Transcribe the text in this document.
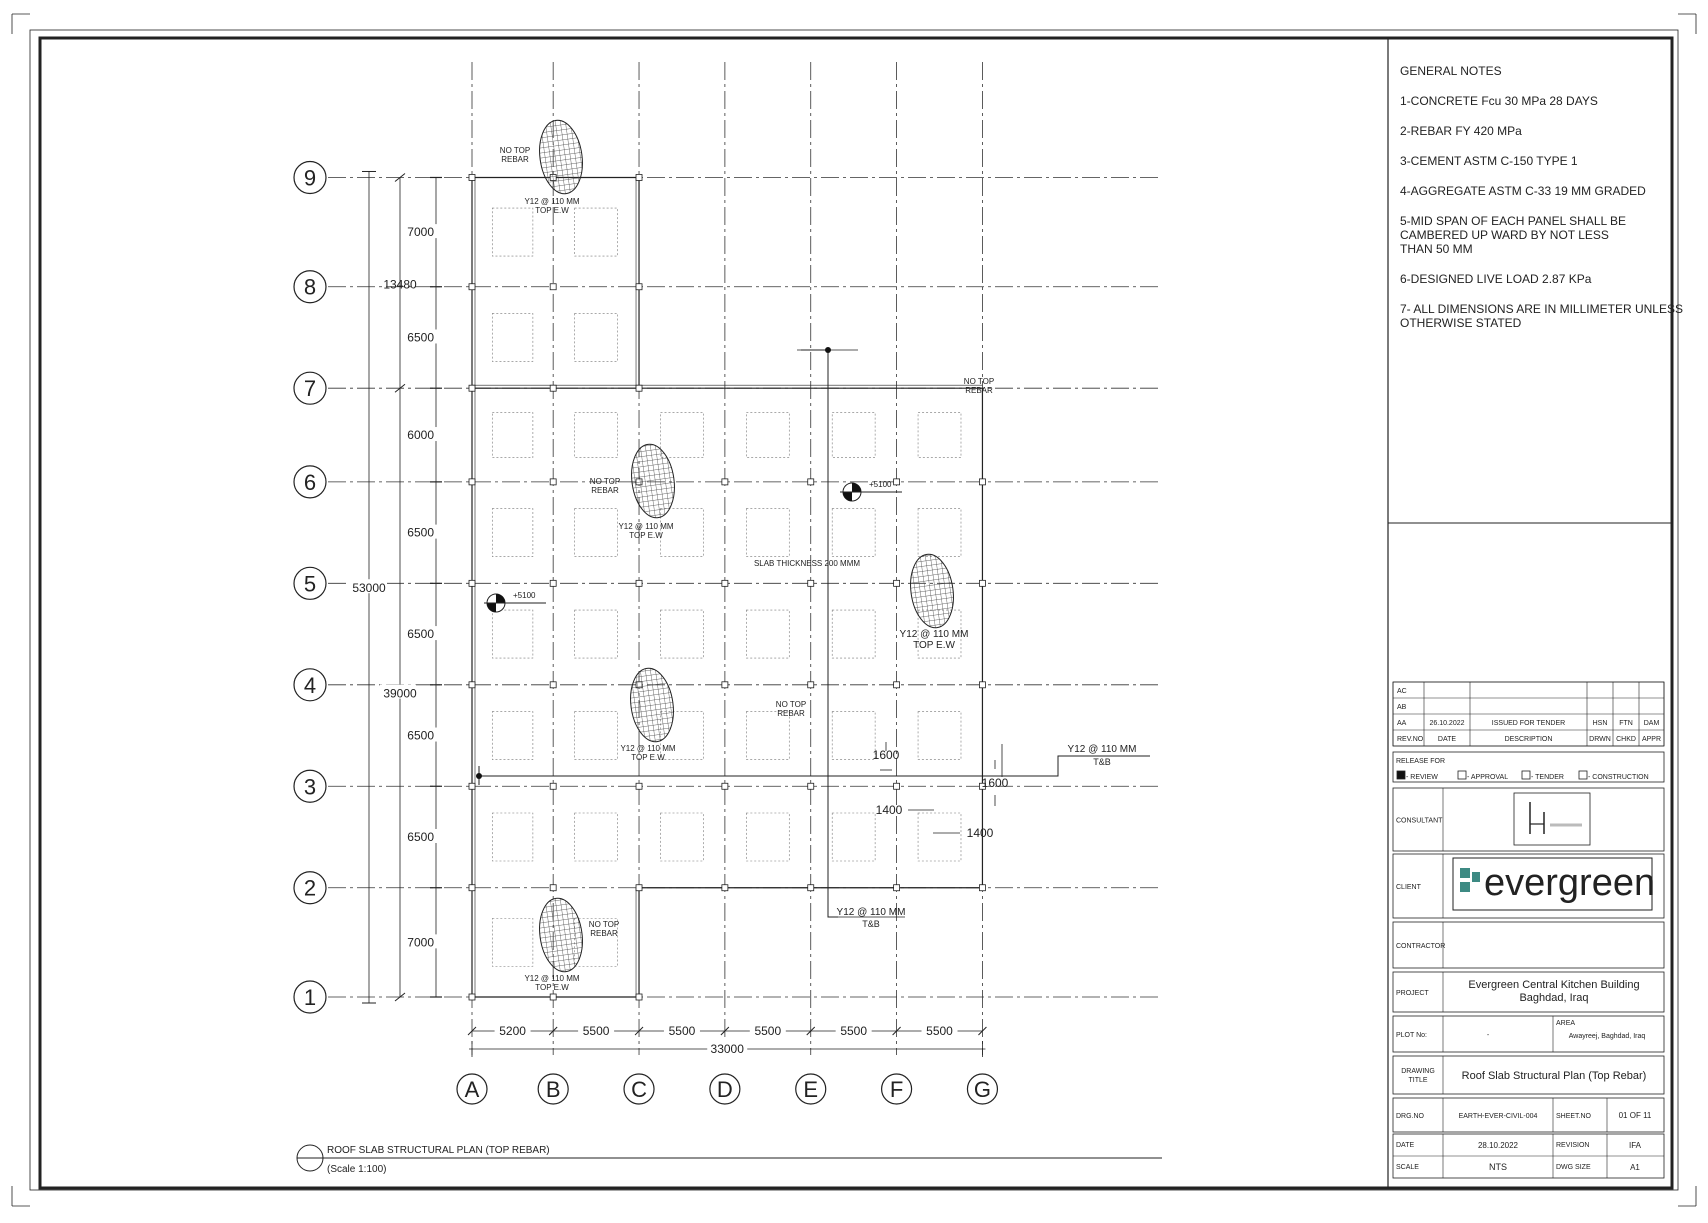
GENERAL NOTES
1-CONCRETE Fcu 30 MPa 28 DAYS
2-REBAR FY 420 MPa
3-CEMENT ASTM C-150 TYPE 1
4-AGGREGATE ASTM C-33 19 MM GRADED
5-MID SPAN OF EACH PANEL SHALL BE
CAMBERED UP WARD BY NOT LESS
THAN 50 MM
6-DESIGNED LIVE LOAD 2.87 KPa
7- ALL DIMENSIONS ARE IN MILLIMETER UNLESS
OTHERWISE STATED
1
2
3
4
5
6
7
8
9
A	B	C	D	E	F	G
Y12 @ 110 MM
TOP E.W
NO TOP
REBAR
Y12 @ 110 MM
TOP E.W
NO TOP
REBAR
Y12 @ 110 MM
TOP E.W
Y12 @ 110 MM
TOP E.W
NO TOP
REBAR
Y12 @ 110 MM
TOP E.W
NO TOP
REBAR
NO TOP
REBAR
SLAB THICKNESS 200 MMM
+5100
+5100
Y12 @ 110 MM
T&B
Y12 @ 110 MM
T&B
1600
1600
1400
1400
5200	5500	5500	5500	5500	5500
33000
7000
6500
6500
6500
6500
6000
6500
7000
39000
13480
53000
ROOF SLAB STRUCTURAL PLAN (TOP REBAR)
(Scale 1:100)
AC
AB
AA	26.10.2022	ISSUED FOR TENDER	HSN FTN DAM
REV.NO DATE	DESCRIPTION	DRWN CHKD APPR
RELEASE FOR
- REVIEW	- APPROVAL	- TENDER	- CONSTRUCTION
CONSULTANT
CLIENT evergreen
CONTRACTOR
PROJECT
Evergreen Central Kitchen Building
Baghdad, Iraq
PLOT No:	-
AREA
Awayreej, Baghdad, Iraq
DRAWING
TITLE	Roof Slab Structural Plan (Top Rebar)
DRG.NO	EARTH-EVER-CIVIL-004	SHEET.NO	01 OF 11
DATE	28.10.2022	REVISION	IFA
SCALE	NTS	DWG SIZE	A1
